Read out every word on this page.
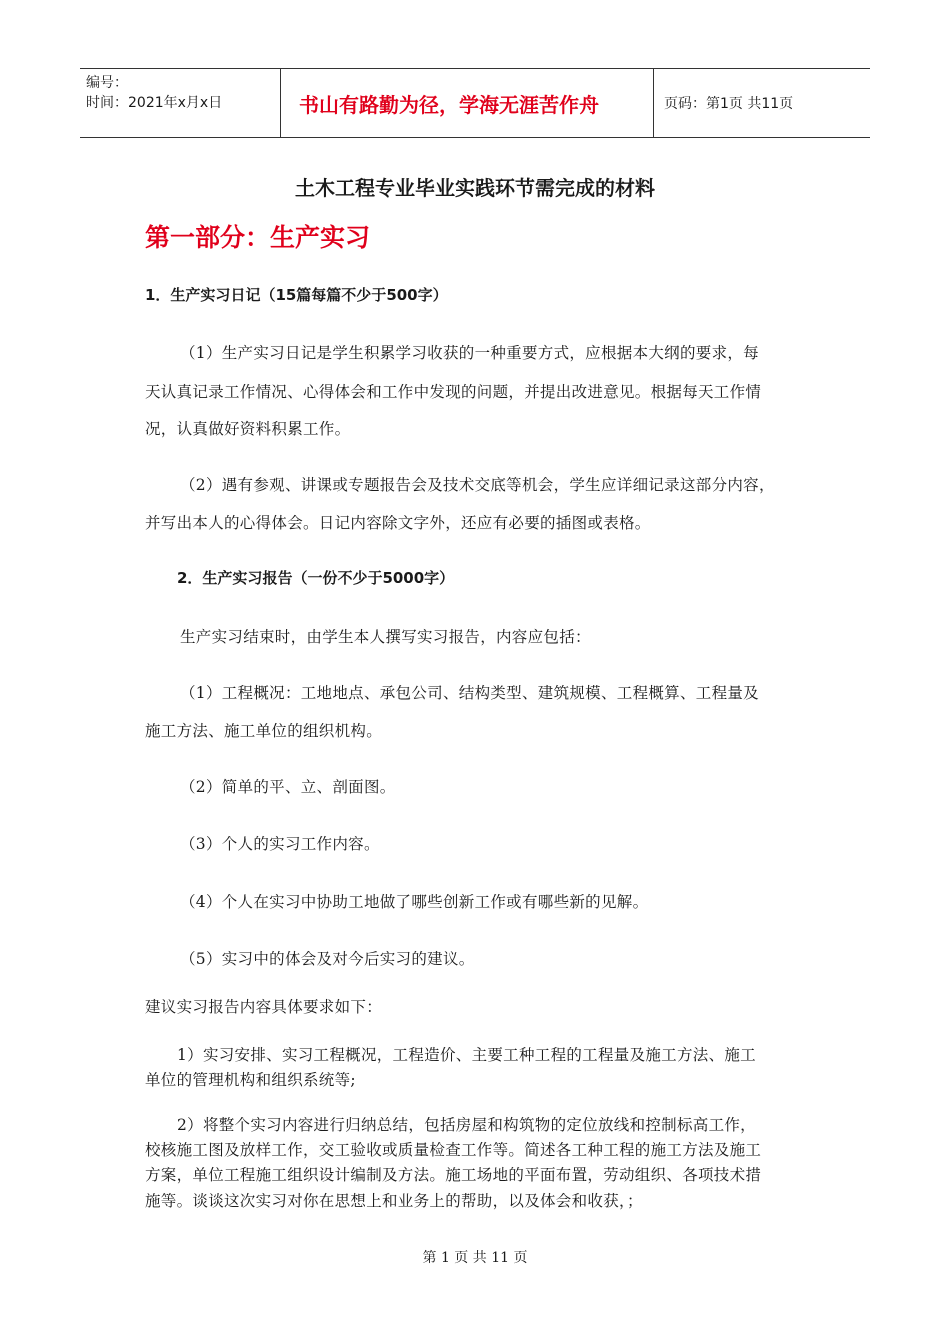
编号：
时间：2021年x月x日	书山有路勤为径，学海无涯苦作舟	页码：第1页 共11页
土木工程专业毕业实践环节需完成的材料
第一部分：生产实习
1．生产实习日记（15篇每篇不少于500字）
（1）生产实习日记是学生积累学习收获的一种重要方式，应根据本大纲的要求，每
天认真记录工作情况、心得体会和工作中发现的问题，并提出改进意见。根据每天工作情
况，认真做好资料积累工作。
（2）遇有参观、讲课或专题报告会及技术交底等机会，学生应详细记录这部分内容，
并写出本人的心得体会。日记内容除文字外，还应有必要的插图或表格。
2．生产实习报告（一份不少于5000字）
生产实习结束时，由学生本人撰写实习报告，内容应包括：
（1）工程概况：工地地点、承包公司、结构类型、建筑规模、工程概算、工程量及
施工方法、施工单位的组织机构。
（2）简单的平、立、剖面图。
（3）个人的实习工作内容。
（4）个人在实习中协助工地做了哪些创新工作或有哪些新的见解。
（5）实习中的体会及对今后实习的建议。
建议实习报告内容具体要求如下：
1）实习安排、实习工程概况，工程造价、主要工种工程的工程量及施工方法、施工
单位的管理机构和组织系统等;
2）将整个实习内容进行归纳总结，包括房屋和构筑物的定位放线和控制标高工作，
校核施工图及放样工作，交工验收或质量检查工作等。简述各工种工程的施工方法及施工
方案，单位工程施工组织设计编制及方法。施工场地的平面布置，劳动组织、各项技术措
施等。谈谈这次实习对你在思想上和业务上的帮助，以及体会和收获，；
第 1 页 共 11 页
